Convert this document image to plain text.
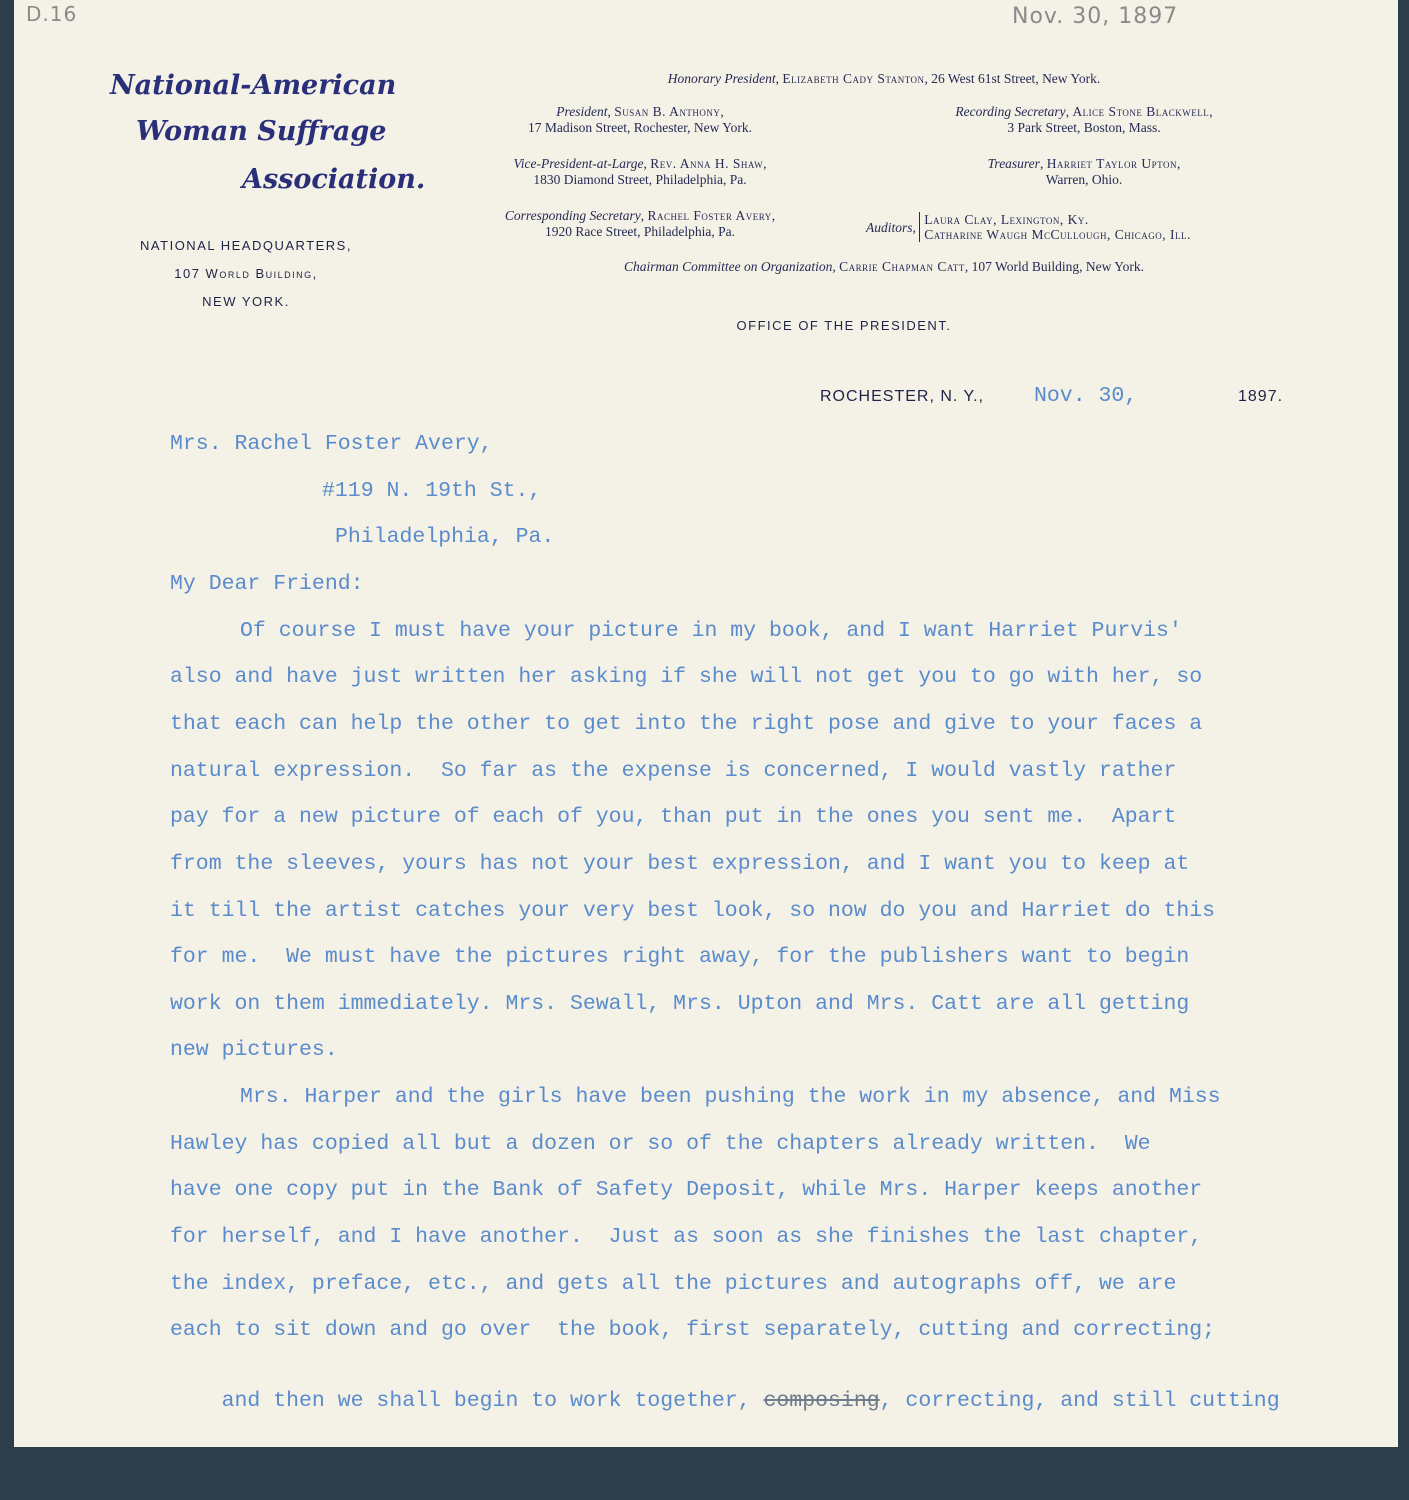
D.16	Nov. 30, 1897
National-American
Woman Suffrage
Association.
NATIONAL HEADQUARTERS,
107 World Building,
NEW YORK.
Honorary President, Elizabeth Cady Stanton, 26 West 61st Street, New York.
President, Susan B. Anthony,
17 Madison Street, Rochester, New York.
Vice-President-at-Large, Rev. Anna H. Shaw,
1830 Diamond Street, Philadelphia, Pa.
Corresponding Secretary, Rachel Foster Avery,
1920 Race Street, Philadelphia, Pa.
Recording Secretary, Alice Stone Blackwell,
3 Park Street, Boston, Mass.
Treasurer, Harriet Taylor Upton,
Warren, Ohio.
Auditors, Laura Clay, Lexington, Ky.
Catharine Waugh McCullough, Chicago, Ill.
Chairman Committee on Organization, Carrie Chapman Catt, 107 World Building, New York.
OFFICE OF THE PRESIDENT.
ROCHESTER, N. Y., Nov. 30,	1897.
Mrs. Rachel Foster Avery,
#119 N. 19th St.,
Philadelphia, Pa.
My Dear Friend:
Of course I must have your picture in my book, and I want Harriet Purvis'
also and have just written her asking if she will not get you to go with her, so
that each can help the other to get into the right pose and give to your faces a
natural expression.  So far as the expense is concerned, I would vastly rather
pay for a new picture of each of you, than put in the ones you sent me.  Apart
from the sleeves, yours has not your best expression, and I want you to keep at
it till the artist catches your very best look, so now do you and Harriet do this
for me.  We must have the pictures right away, for the publishers want to begin
work on them immediately. Mrs. Sewall, Mrs. Upton and Mrs. Catt are all getting
new pictures.
Mrs. Harper and the girls have been pushing the work in my absence, and Miss
Hawley has copied all but a dozen or so of the chapters already written.  We
have one copy put in the Bank of Safety Deposit, while Mrs. Harper keeps another
for herself, and I have another.  Just as soon as she finishes the last chapter,
the index, preface, etc., and gets all the pictures and autographs off, we are
each to sit down and go over  the book, first separately, cutting and correcting;

and then we shall begin to work together, composing, correcting, and still cutting
